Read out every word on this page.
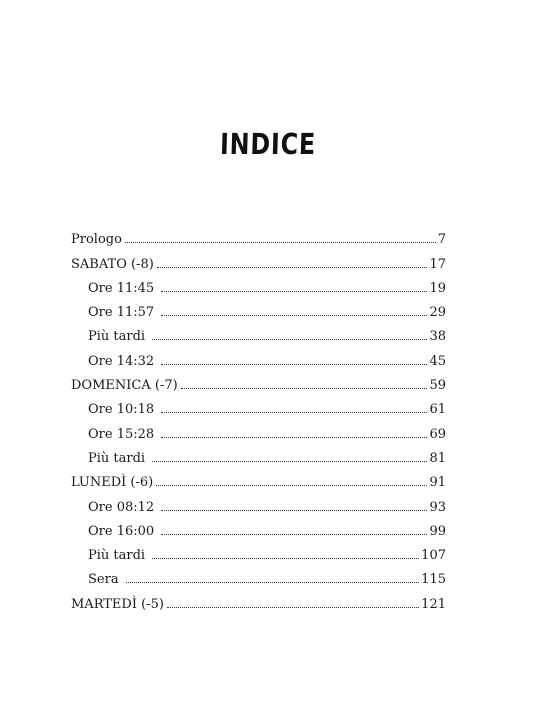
INDICE
Prologo	7
SABATO (-8)	17
Ore 11:45	19
Ore 11:57	29
Più tardi	38
Ore 14:32	45
DOMENICA (-7)	59
Ore 10:18	61
Ore 15:28	69
Più tardi	81
LUNEDÌ (-6)	91
Ore 08:12	93
Ore 16:00	99
Più tardi	107
Sera	115
MARTEDÌ (-5)	121
